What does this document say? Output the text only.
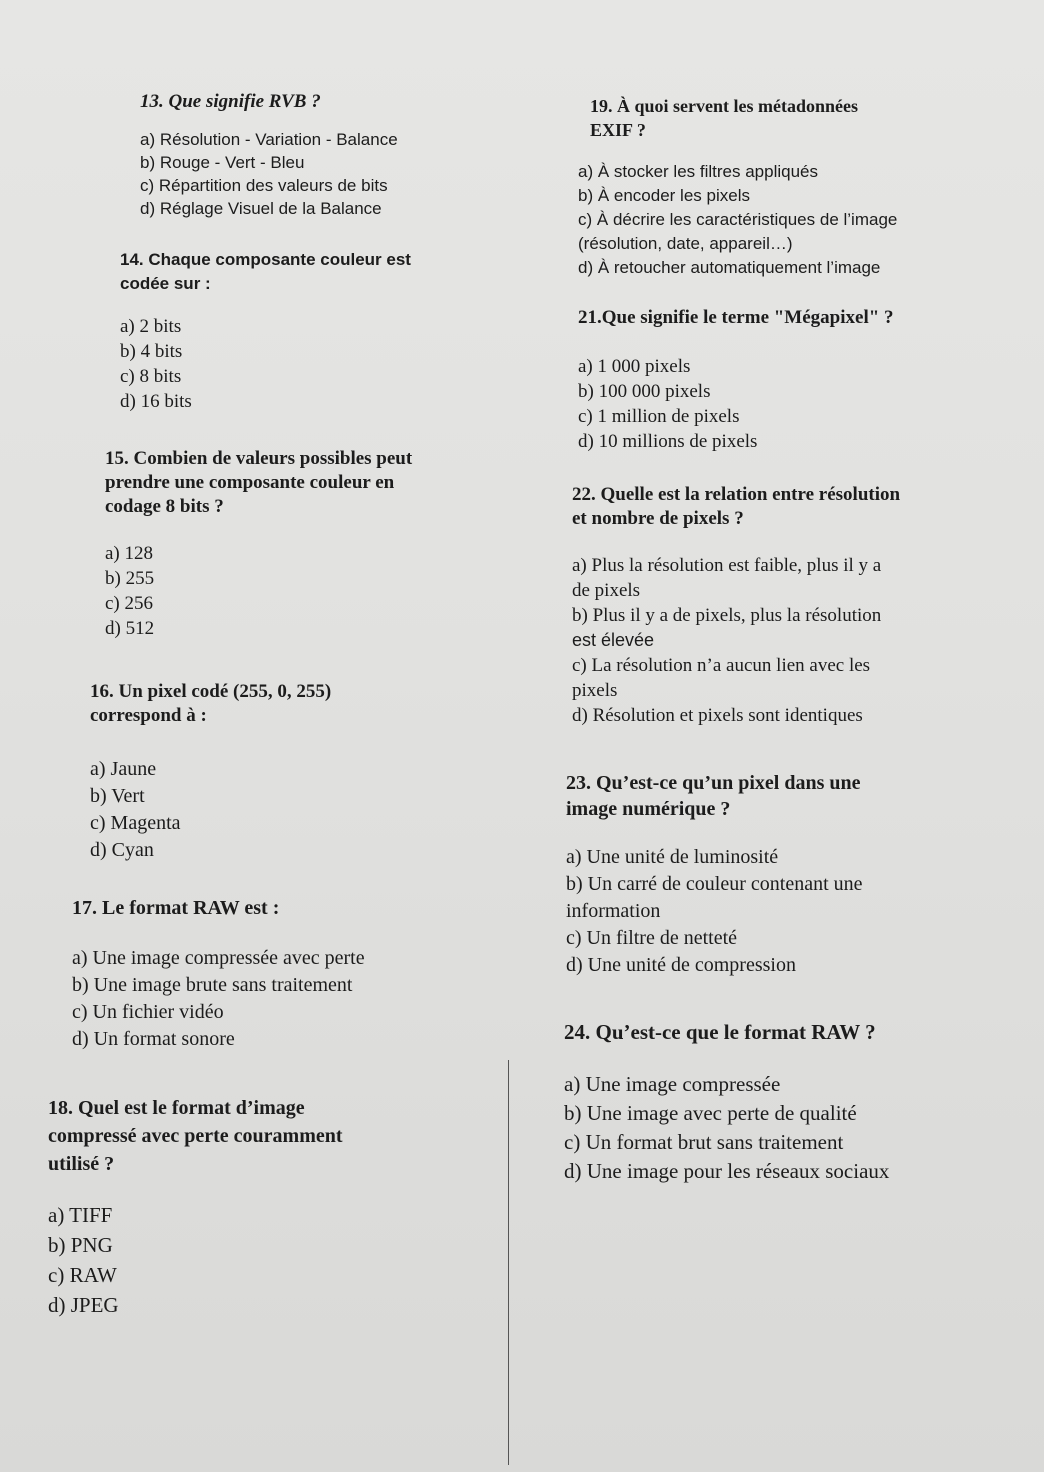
13. Que signifie RVB ?
a) Résolution - Variation - Balance
b) Rouge - Vert - Bleu
c) Répartition des valeurs de bits
d) Réglage Visuel de la Balance
14. Chaque composante couleur est
codée sur :
a) 2 bits
b) 4 bits
c) 8 bits
d) 16 bits
15. Combien de valeurs possibles peut
prendre une composante couleur en
codage 8 bits ?
a) 128
b) 255
c) 256
d) 512
16. Un pixel codé (255, 0, 255)
correspond à :
a) Jaune
b) Vert
c) Magenta
d) Cyan
17. Le format RAW est :
a) Une image compressée avec perte
b) Une image brute sans traitement
c) Un fichier vidéo
d) Un format sonore
18. Quel est le format d’image
compressé avec perte couramment
utilisé ?
a) TIFF
b) PNG
c) RAW
d) JPEG
19. À quoi servent les métadonnées
EXIF ?
a) À stocker les filtres appliqués
b) À encoder les pixels
c) À décrire les caractéristiques de l’image
(résolution, date, appareil…)
d) À retoucher automatiquement l’image
21.Que signifie le terme "Mégapixel" ?
a) 1 000 pixels
b) 100 000 pixels
c) 1 million de pixels
d) 10 millions de pixels
22. Quelle est la relation entre résolution
et nombre de pixels ?
a) Plus la résolution est faible, plus il y a
de pixels
b) Plus il y a de pixels, plus la résolution
est élevée
c) La résolution n’a aucun lien avec les
pixels
d) Résolution et pixels sont identiques
23. Qu’est-ce qu’un pixel dans une
image numérique ?
a) Une unité de luminosité
b) Un carré de couleur contenant une
information
c) Un filtre de netteté
d) Une unité de compression
24. Qu’est-ce que le format RAW ?
a) Une image compressée
b) Une image avec perte de qualité
c) Un format brut sans traitement
d) Une image pour les réseaux sociaux
